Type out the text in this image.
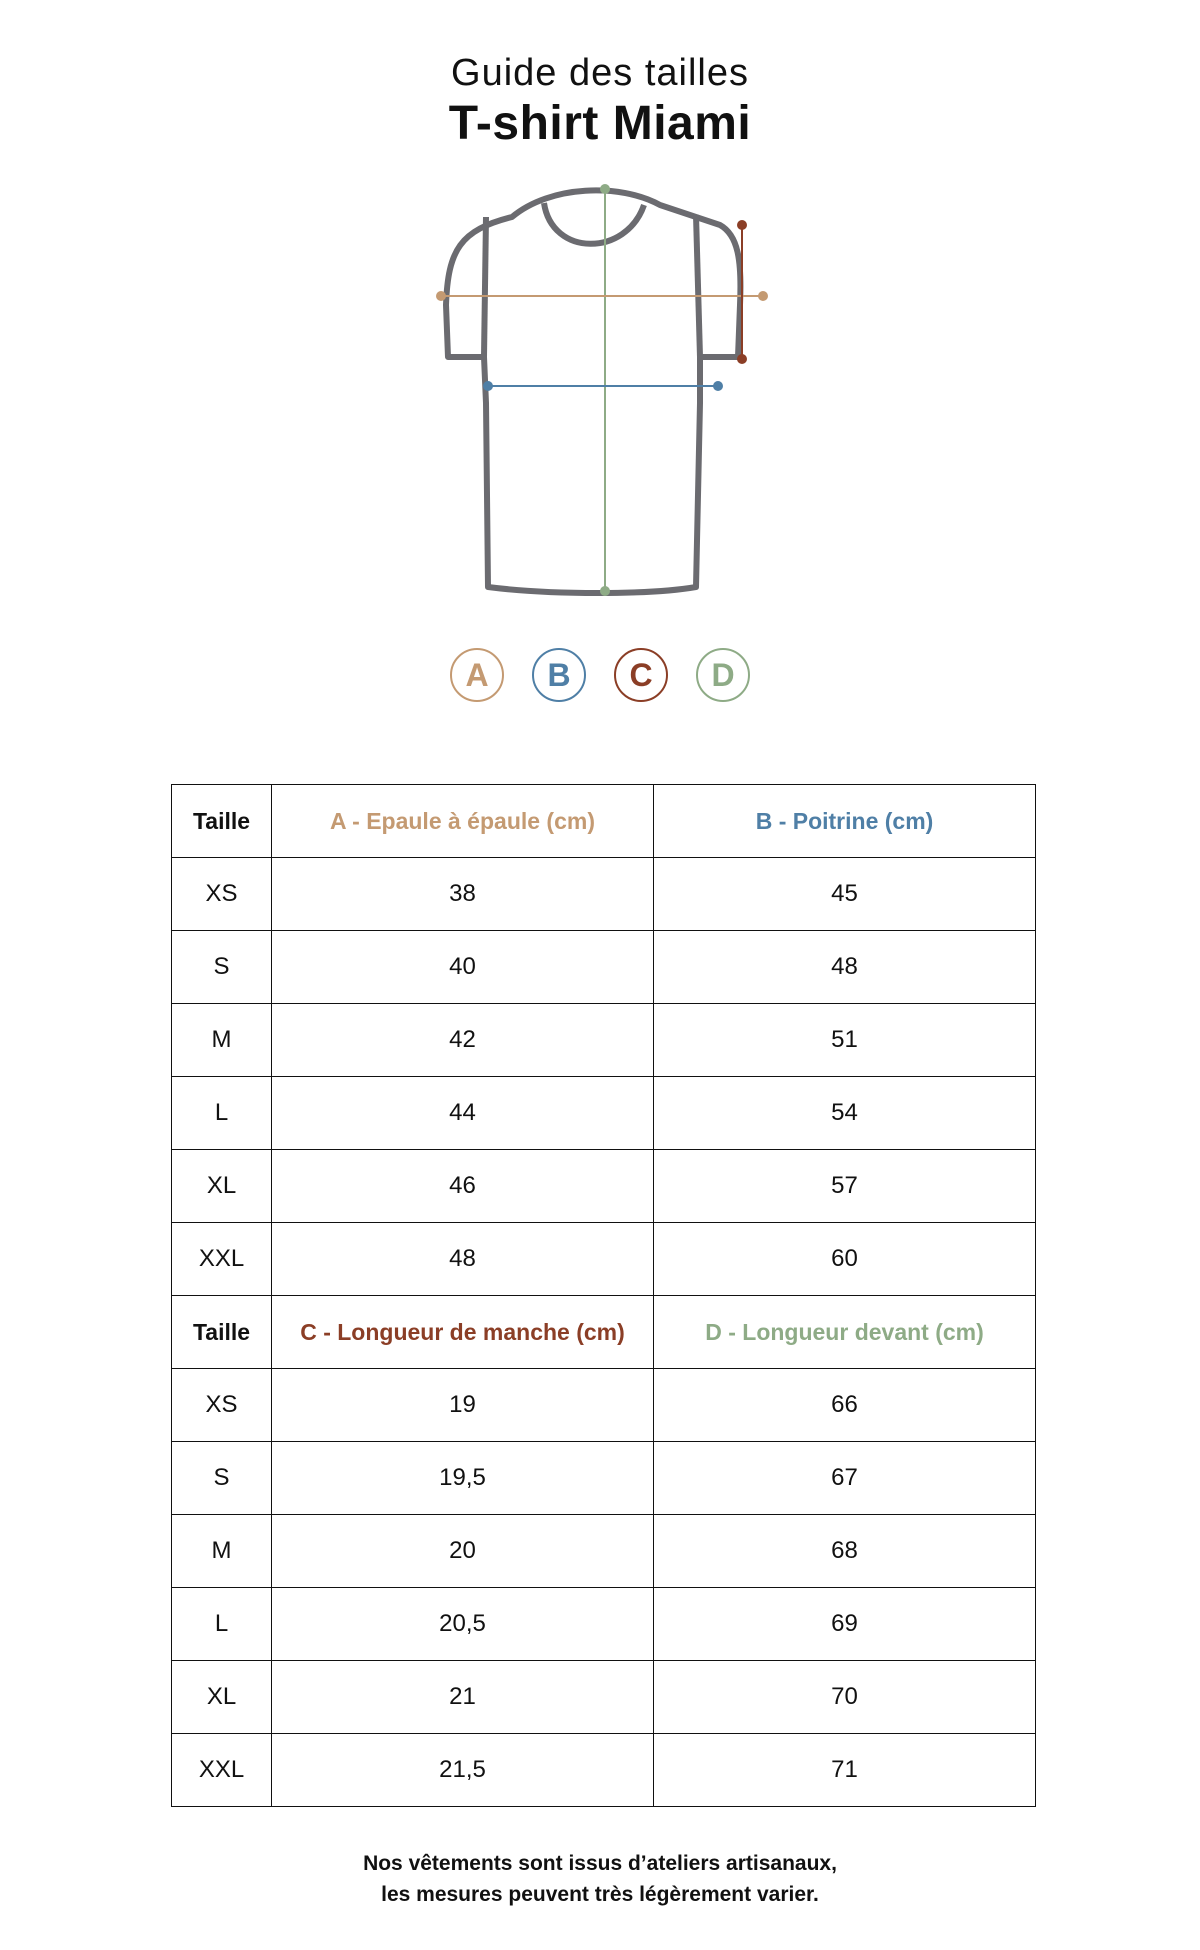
Guide des tailles
T-shirt Miami
A	B	C	D
Taille	A - Epaule à épaule (cm)	B - Poitrine (cm)
XS	38	45
S	40	48
M	42	51
L	44	54
XL	46	57
XXL	48	60
Taille	C - Longueur de manche (cm)	D - Longueur devant (cm)
XS	19	66
S	19,5	67
M	20	68
L	20,5	69
XL	21	70
XXL	21,5	71
Nos vêtements sont issus d’ateliers artisanaux,
les mesures peuvent très légèrement varier.
